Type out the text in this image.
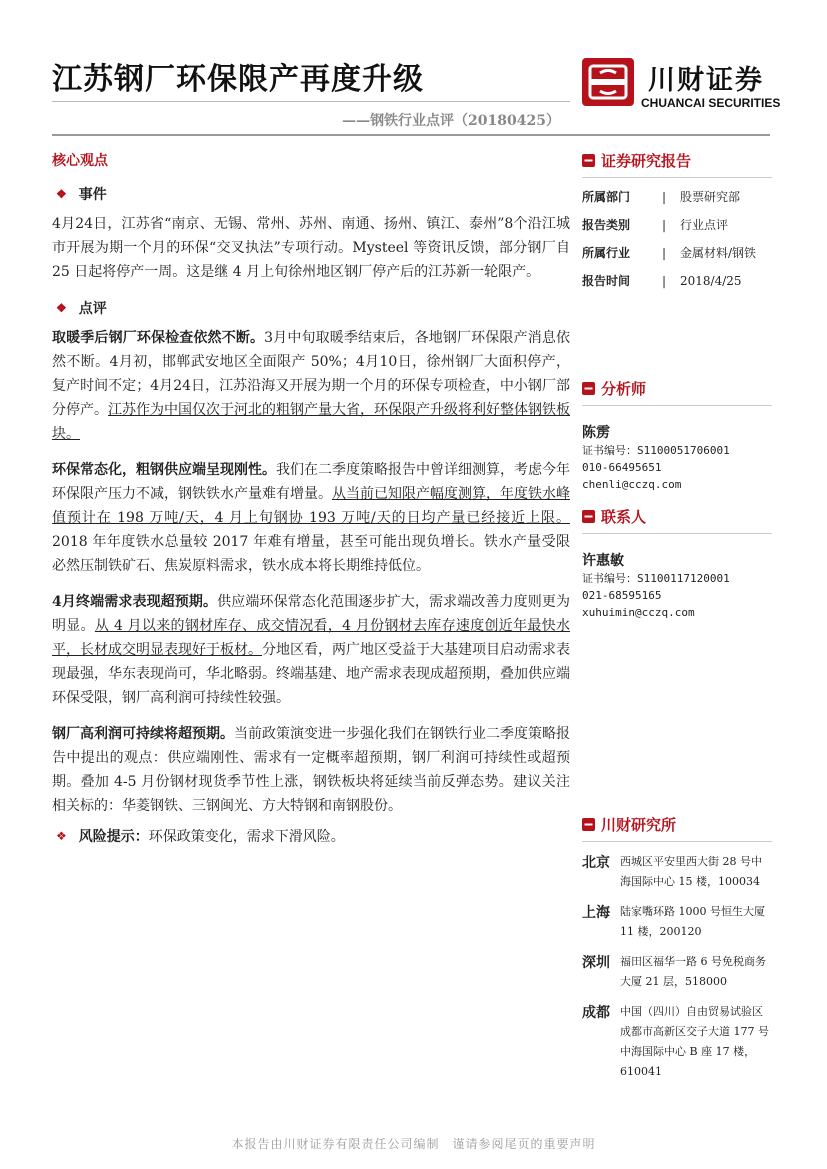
江苏钢厂环保限产再度升级
——钢铁行业点评（20180425）
川财证券
CHUANCAI SECURITIES
核心观点
❖ 事件
4月24日，江苏省“南京、无锡、常州、苏州、南通、扬州、镇江、泰州”8个沿江城市开展为期一个月的环保“交叉执法”专项行动。Mysteel 等资讯反馈，部分钢厂自 25 日起将停产一周。这是继 4 月上旬徐州地区钢厂停产后的江苏新一轮限产。
❖ 点评
取暖季后钢厂环保检查依然不断。3月中旬取暖季结束后，各地钢厂环保限产消息依然不断。4月初，邯郸武安地区全面限产 50%；4月10日，徐州钢厂大面积停产，复产时间不定；4月24日，江苏沿海又开展为期一个月的环保专项检查，中小钢厂部分停产。江苏作为中国仅次于河北的粗钢产量大省，环保限产升级将利好整体钢铁板块。
环保常态化，粗钢供应端呈现刚性。我们在二季度策略报告中曾详细测算，考虑今年环保限产压力不减，钢铁铁水产量难有增量。从当前已知限产幅度测算，年度铁水峰值预计在 198 万吨/天，4 月上旬钢协 193 万吨/天的日均产量已经接近上限。2018 年年度铁水总量较 2017 年难有增量，甚至可能出现负增长。铁水产量受限必然压制铁矿石、焦炭原料需求，铁水成本将长期维持低位。
4月终端需求表现超预期。供应端环保常态化范围逐步扩大，需求端改善力度则更为明显。从 4 月以来的钢材库存、成交情况看，4 月份钢材去库存速度创近年最快水平，长材成交明显表现好于板材。分地区看，两广地区受益于大基建项目启动需求表现最强，华东表现尚可，华北略弱。终端基建、地产需求表现成超预期，叠加供应端环保受限，钢厂高利润可持续性较强。
钢厂高利润可持续将超预期。当前政策演变进一步强化我们在钢铁行业二季度策略报告中提出的观点：供应端刚性、需求有一定概率超预期，钢厂利润可持续性或超预期。叠加 4-5 月份钢材现货季节性上涨，钢铁板块将延续当前反弹态势。建议关注相关标的：华菱钢铁、三钢闽光、方大特钢和南钢股份。
❖ 风险提示： 环保政策变化，需求下滑风险。
证券研究报告
所属部门	|	股票研究部
报告类别	|	行业点评
所属行业	|	金属材料/钢铁
报告时间	|	2018/4/25
分析师
陈雳
证书编号：S1100051706001
010-66495651
chenli@cczq.com
联系人
许惠敏
证书编号：S1100117120001
021-68595165
xuhuimin@cczq.com
川财研究所
北京 西城区平安里西大街 28 号中海国际中心 15 楼，100034
上海 陆家嘴环路 1000 号恒生大厦 11 楼，200120
深圳 福田区福华一路 6 号免税商务大厦 21 层，518000
成都 中国（四川）自由贸易试验区成都市高新区交子大道 177 号中海国际中心 B 座 17 楼，610041
本报告由川财证券有限责任公司编制　谨请参阅尾页的重要声明
